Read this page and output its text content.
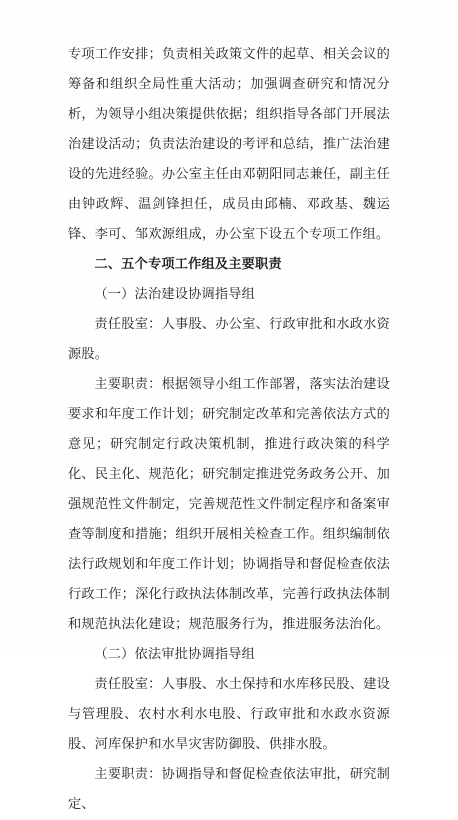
专项工作安排；负责相关政策文件的起草、相关会议的筹备和组织全局性重大活动；加强调查研究和情况分析，为领导小组决策提供依据；组织指导各部门开展法治建设活动；负责法治建设的考评和总结，推广法治建设的先进经验。办公室主任由邓朝阳同志兼任，副主任由钟政辉、温剑锋担任，成员由邱楠、邓政基、魏运锋、李可、邹欢源组成，办公室下设五个专项工作组。

二、五个专项工作组及主要职责

（一）法治建设协调指导组

责任股室：人事股、办公室、行政审批和水政水资源股。

主要职责：根据领导小组工作部署，落实法治建设要求和年度工作计划；研究制定改革和完善依法方式的意见；研究制定行政决策机制，推进行政决策的科学化、民主化、规范化；研究制定推进党务政务公开、加强规范性文件制定，完善规范性文件制定程序和备案审查等制度和措施；组织开展相关检查工作。组织编制依法行政规划和年度工作计划；协调指导和督促检查依法行政工作；深化行政执法体制改革，完善行政执法体制和规范执法化建设；规范服务行为，推进服务法治化。

（二）依法审批协调指导组

责任股室：人事股、水土保持和水库移民股、建设与管理股、农村水利水电股、行政审批和水政水资源股、河库保护和水旱灾害防御股、供排水股。

主要职责：协调指导和督促检查依法审批，研究制定、
